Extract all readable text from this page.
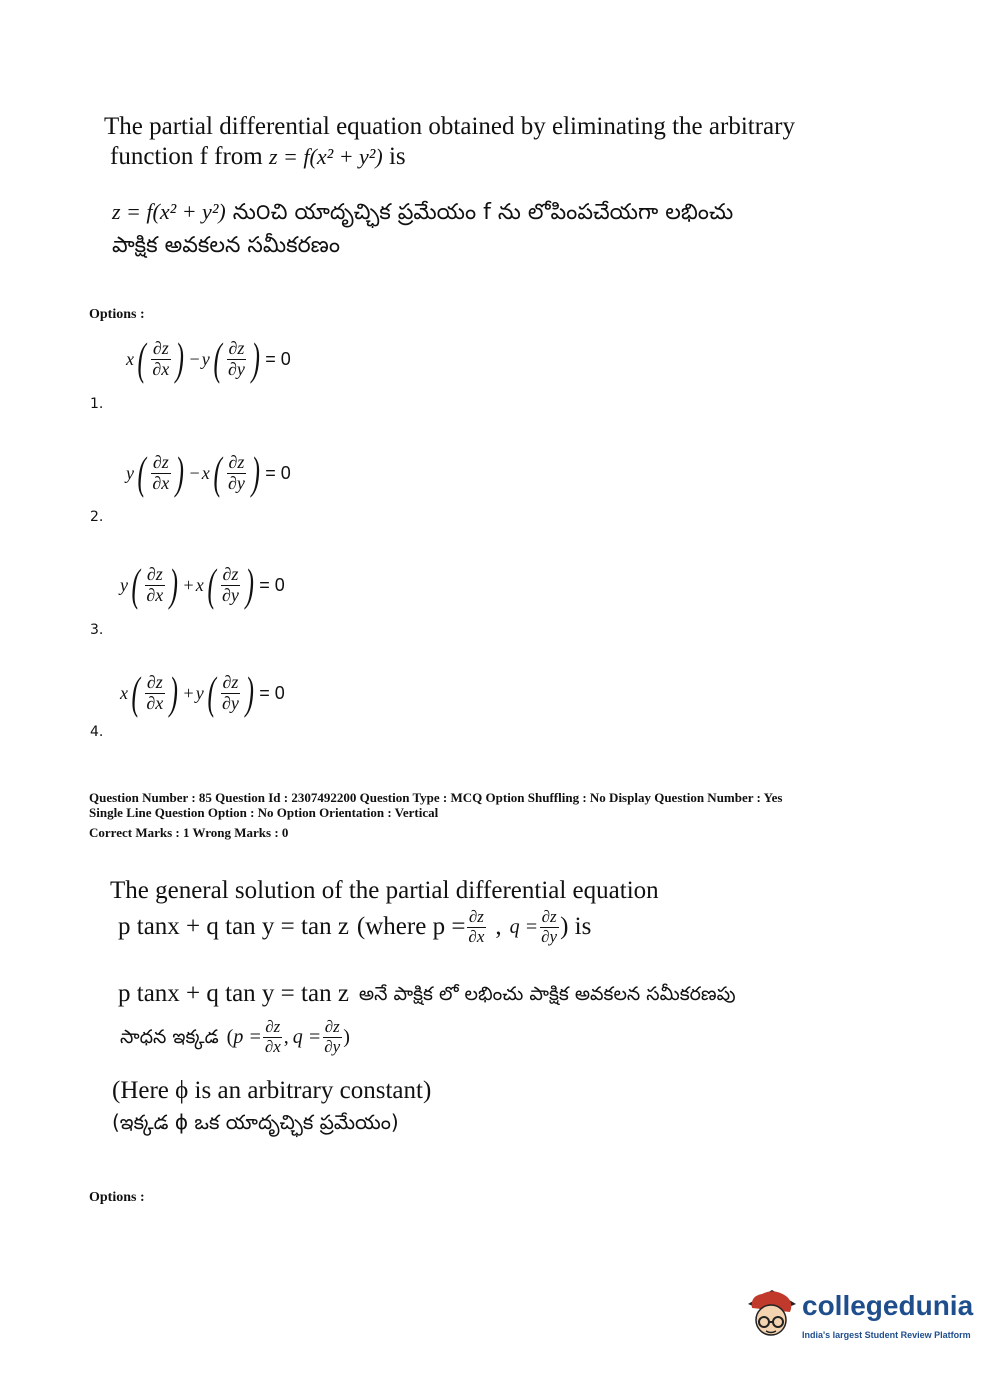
The partial differential equation obtained by eliminating the arbitrary
function f from z = f(x² + y²) is
z = f(x² + y²) ను౦చి యాదృచ్ఛిక ప్రమేయం f ను లోపింపచేయగా లభించు
పాక్షిక అవకలన సమీకరణం
Options :
x ( $\frac{\partial z}{\partial x}$ ) − y ( $\frac{\partial z}{\partial y}$ ) = 0
1.
y ( $\frac{\partial z}{\partial x}$ ) − x ( $\frac{\partial z}{\partial y}$ ) = 0
2.
y ( $\frac{\partial z}{\partial x}$ ) + x ( $\frac{\partial z}{\partial y}$ ) = 0
3.
x ( $\frac{\partial z}{\partial x}$ ) + y ( $\frac{\partial z}{\partial y}$ ) = 0
4.
Question Number : 85 Question Id : 2307492200 Question Type : MCQ Option Shuffling : No Display Question Number : Yes
Single Line Question Option : No Option Orientation : Vertical
Correct Marks : 1 Wrong Marks : 0
The general solution of the partial differential equation
p tanx + q tan y = tan z (where $p = \frac{\partial z}{\partial x}$ , $q = \frac{\partial z}{\partial y}$ ) is
p tanx + q tan y = tan z అనే పాక్షిక లో లభించు పాక్షిక అవకలన సమీకరణపు
సాధన ఇక్కడ ( $p = \frac{\partial z}{\partial x}$ , $q = \frac{\partial z}{\partial y}$ )
(Here ϕ is an arbitrary constant)
(ఇక్కడ ϕ ఒక యాదృచ్ఛిక ప్రమేయం)
Options :
collegedunia
India's largest Student Review Platform
